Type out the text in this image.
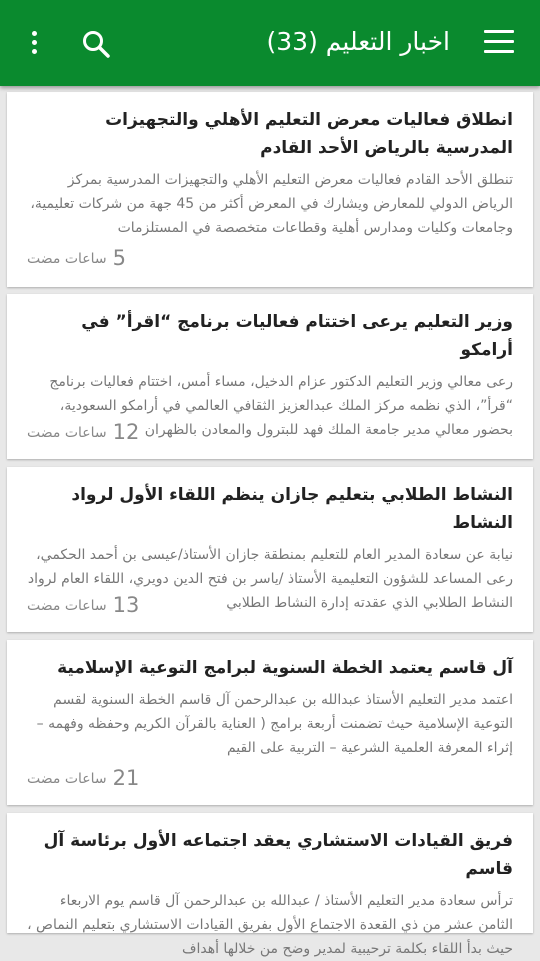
اخبار التعليم (33)
انطلاق فعاليات معرض التعليم الأهلي والتجهيزات المدرسية بالرياض الأحد القادم

تنطلق الأحد القادم فعاليات معرض التعليم الأهلي والتجهيزات المدرسية بمركز الرياض الدولي للمعارض ويشارك في المعرض أكثر من 45 جهة من شركات تعليمية، وجامعات وكليات ومدارس أهلية وقطاعات متخصصة في المستلزمات

5ساعات مضت
وزير التعليم يرعى اختتام فعاليات برنامج “اقرأ” في أرامكو

رعى معالي وزير التعليم الدكتور عزام الدخيل، مساء أمس، اختتام فعاليات برنامج “قرأ”، الذي نظمه مركز الملك عبدالعزيز الثقافي العالمي في أرامكو السعودية، بحضور معالي مدير جامعة الملك فهد للبترول والمعادن بالظهران

12ساعات مضت
النشاط الطلابي بتعليم جازان ينظم اللقاء الأول لرواد النشاط

نيابة عن سعادة المدير العام للتعليم بمنطقة جازان الأستاذ/عيسى بن أحمد الحكمي، رعى المساعد للشؤون التعليمية الأستاذ /ياسر بن فتح الدين دويري، اللقاء العام لرواد النشاط الطلابي الذي عقدته إدارة النشاط الطلابي

13ساعات مضت
آل قاسم يعتمد الخطة السنوية لبرامج التوعية الإسلامية

اعتمد مدير التعليم الأستاذ عبدالله بن عبدالرحمن آل قاسم الخطة السنوية لقسم التوعية الإسلامية حيث تضمنت أربعة برامج ( العناية بالقرآن الكريم وحفظه وفهمه – إثراء المعرفة العلمية الشرعية – التربية على القيم

21ساعات مضت
فريق القيادات الاستشاري يعقد اجتماعه الأول برئاسة آل قاسم

ترأس سعادة مدير التعليم الأستاذ / عبدالله بن عبدالرحمن آل قاسم يوم الاربعاء الثامن عشر من ذي القعدة الاجتماع الأول بفريق القيادات الاستشاري بتعليم النماص ، حيث بدأ اللقاء بكلمة ترحيبية لمدير وضح من خلالها أهداف
